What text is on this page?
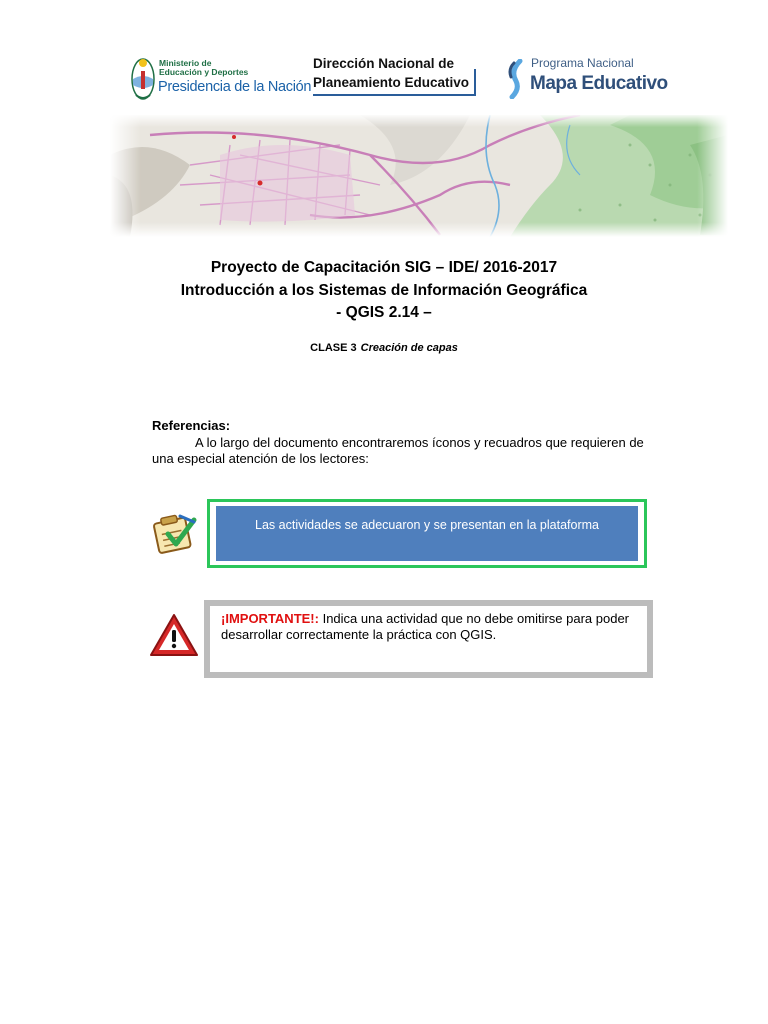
Ministerio de
Educación y Deportes
Presidencia de la Nación
Dirección Nacional de
Planeamiento Educativo
Programa Nacional
Mapa Educativo
Proyecto de Capacitación SIG – IDE/ 2016-2017
Introducción a los Sistemas de Información Geográfica
- QGIS 2.14 –
CLASE 3 Creación de capas
Referencias:
A lo largo del documento encontraremos íconos y recuadros que requieren de una especial atención de los lectores:
Las actividades se adecuaron y se presentan en la plataforma
¡IMPORTANTE!: Indica una actividad que no debe omitirse para poder desarrollar correctamente la práctica con QGIS.
